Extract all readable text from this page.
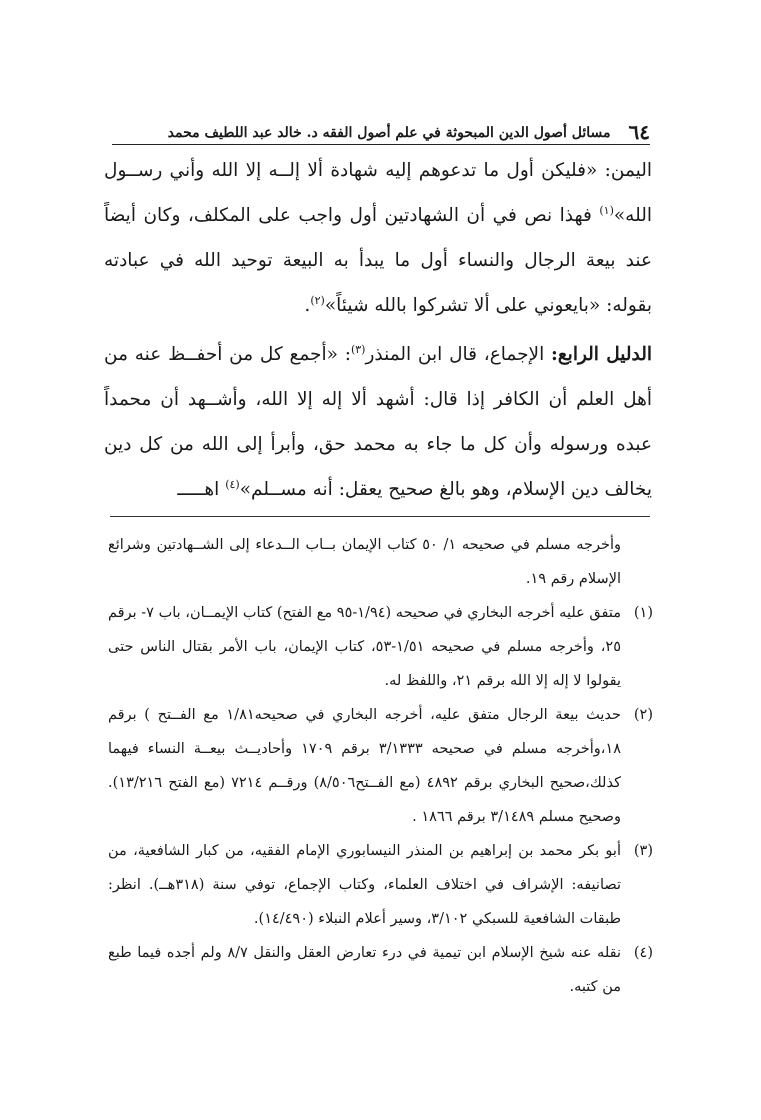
٦٤
مسائل أصول الدين المبحوثة في علم أصول الفقه د. خالد عبد اللطيف محمد

اليمن: «فليكن أول ما تدعوهم إليه شهادة ألا إلــه إلا الله وأني رســول الله»$^{(١)}$ فهذا نص في أن الشهادتين أول واجب على المكلف، وكان أيضاً عند بيعة الرجال والنساء أول ما يبدأ به البيعة توحيد الله في عبادته بقوله: «بايعوني على ألا تشركوا بالله شيئاً»$^{(٢)}$.

الدليل الرابع: الإجماع، قال ابن المنذر$^{(٣)}$: «أجمع كل من أحفــظ عنه من أهل العلم أن الكافر إذا قال: أشهد ألا إله إلا الله، وأشــهد أن محمداً عبده ورسوله وأن كل ما جاء به محمد حق، وأبرأ إلى الله من كل دين يخالف دين الإسلام، وهو بالغ صحيح يعقل: أنه مســلم»$^{(٤)}$ اهـــــ

وأخرجه مسلم في صحيحه ١/ ٥٠ كتاب الإيمان بــاب الــدعاء إلى الشــهادتين وشرائع الإسلام رقم ١٩.

(١)
متفق عليه أخرجه البخاري في صحيحه (١/٩٤-٩٥ مع الفتح) كتاب الإيمــان، باب ٧- برقم ٢٥، وأخرجه مسلم في صحيحه ١/٥١-٥٣، كتاب الإيمان، باب الأمر بقتال الناس حتى يقولوا لا إله إلا الله برقم ٢١، واللفظ له.
(٢)
حديث بيعة الرجال متفق عليه، أخرجه البخاري في صحيحه١/٨١ مع الفــتح ) برقم ١٨،وأخرجه مسلم في صحيحه ٣/١٣٣٣ برقم ١٧٠٩ وأحاديــث بيعــة النساء فيهما كذلك،صحيح البخاري برقم ٤٨٩٢ (مع الفــتح٨/٥٠٦) ورقــم ٧٢١٤ (مع الفتح ١٣/٢١٦). وصحيح مسلم ٣/١٤٨٩ برقم ١٨٦٦ .
(٣)
أبو بكر محمد بن إبراهيم بن المنذر النيسابوري الإمام الفقيه، من كبار الشافعية، من تصانيفه: الإشراف في اختلاف العلماء، وكتاب الإجماع، توفي سنة (٣١٨هــ). انظر: طبقات الشافعية للسبكي ٣/١٠٢، وسير أعلام النبلاء (١٤/٤٩٠).
(٤)
نقله عنه شيخ الإسلام ابن تيمية في درء تعارض العقل والنقل ٨/٧ ولم أجده فيما طبع من كتبه.
